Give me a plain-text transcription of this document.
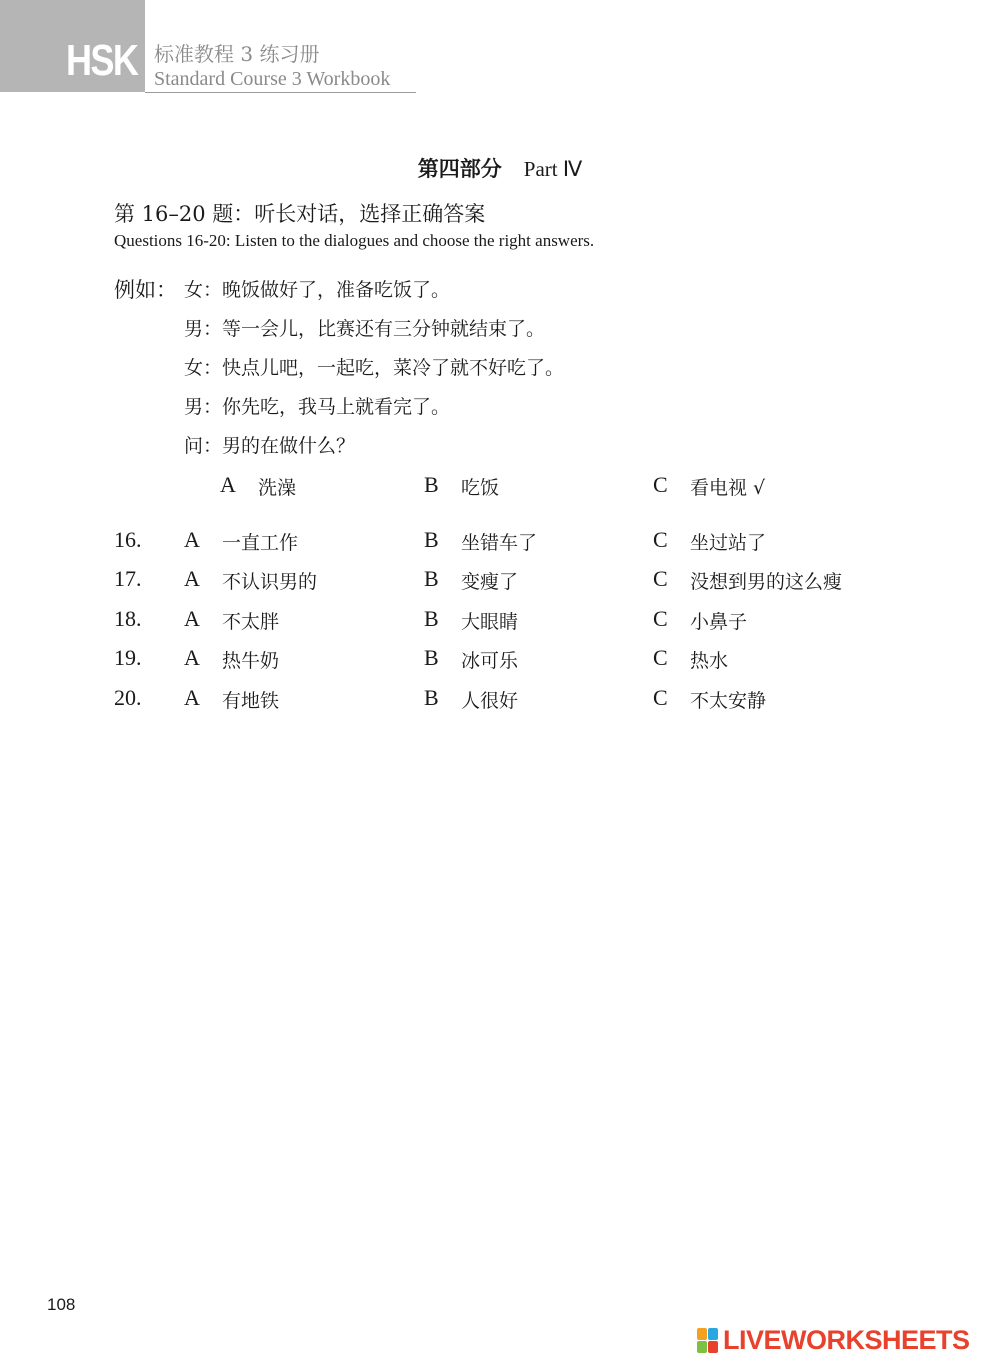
HSK 标准教程 3 练习册
Standard Course 3 Workbook
第四部分 Part Ⅳ
第 16–20 题：听长对话，选择正确答案
Questions 16-20: Listen to the dialogues and choose the right answers.
例如： 女：晚饭做好了，准备吃饭了。
男：等一会儿，比赛还有三分钟就结束了。
女：快点儿吧，一起吃，菜冷了就不好吃了。
男：你先吃，我马上就看完了。
问：男的在做什么？
A 洗澡	B 吃饭	C 看电视 √
16. A 一直工作	B 坐错车了	C 坐过站了
17. A 不认识男的	B 变瘦了	C 没想到男的这么瘦
18. A 不太胖	B 大眼睛	C 小鼻子
19. A 热牛奶	B 冰可乐	C 热水
20. A 有地铁	B 人很好	C 不太安静
108
LIVEWORKSHEETS
